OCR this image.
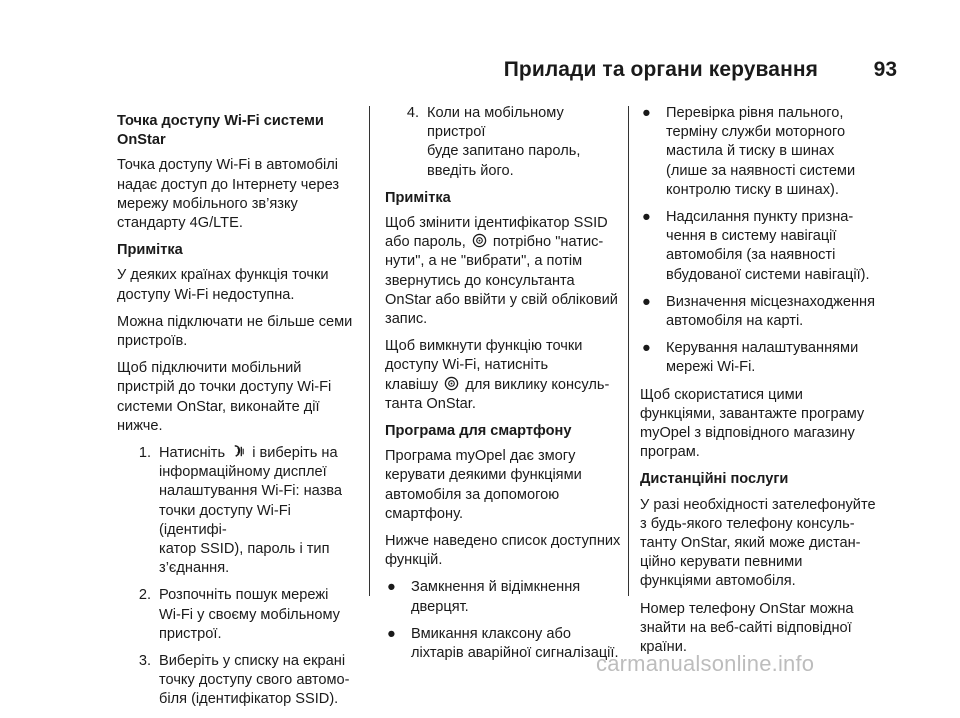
Прилади та органи керування	93
Точка доступу Wi-Fi системи
OnStar
Точка доступу Wi-Fi в автомобілі
надає доступ до Інтернету через
мережу мобільного зв’язку
стандарту 4G/LTE.
Примітка
У деяких країнах функція точки
доступу Wi-Fi недоступна.
Можна підключати не більше семи
пристроїв.
Щоб підключити мобільний
пристрій до точки доступу Wi-Fi
системи OnStar, виконайте дії
нижче.
1. Натисніть і виберіть на
інформаційному дисплеї
налаштування Wi-Fi: назва
точки доступу Wi-Fi (ідентифі-
катор SSID), пароль і тип
з’єднання.
2. Розпочніть пошук мережі
Wi-Fi у своєму мобільному
пристрої.
3. Виберіть у списку на екрані
точку доступу свого автомо-
біля (ідентифікатор SSID).
4. Коли на мобільному пристрої
буде запитано пароль,
введіть його.
Примітка
Щоб змінити ідентифікатор SSID
або пароль, потрібно "натис-
нути", а не "вибрати", а потім
звернутись до консультанта
OnStar або ввійти у свій обліковий
запис.
Щоб вимкнути функцію точки
доступу Wi-Fi, натисніть
клавішу для виклику консуль-
танта OnStar.
Програма для смартфону
Програма myOpel дає змогу
керувати деякими функціями
автомобіля за допомогою
смартфону.
Нижче наведено список доступних
функцій.
●	Замкнення й відімкнення
дверцят.
●	Вмикання клаксону або
ліхтарів аварійної сигналізації.
●	Перевірка рівня пального,
терміну служби моторного
мастила й тиску в шинах
(лише за наявності системи
контролю тиску в шинах).
●	Надсилання пункту призна-
чення в систему навігації
автомобіля (за наявності
вбудованої системи навігації).
●	Визначення місцезнаходження
автомобіля на карті.
●	Керування налаштуваннями
мережі Wi-Fi.
Щоб скористатися цими
функціями, завантажте програму
myOpel з відповідного магазину
програм.
Дистанційні послуги
У разі необхідності зателефонуйте
з будь-якого телефону консуль-
танту OnStar, який може дистан-
ційно керувати певними
функціями автомобіля.
Номер телефону OnStar можна
знайти на веб-сайті відповідної
країни.
carmanualsonline.info
